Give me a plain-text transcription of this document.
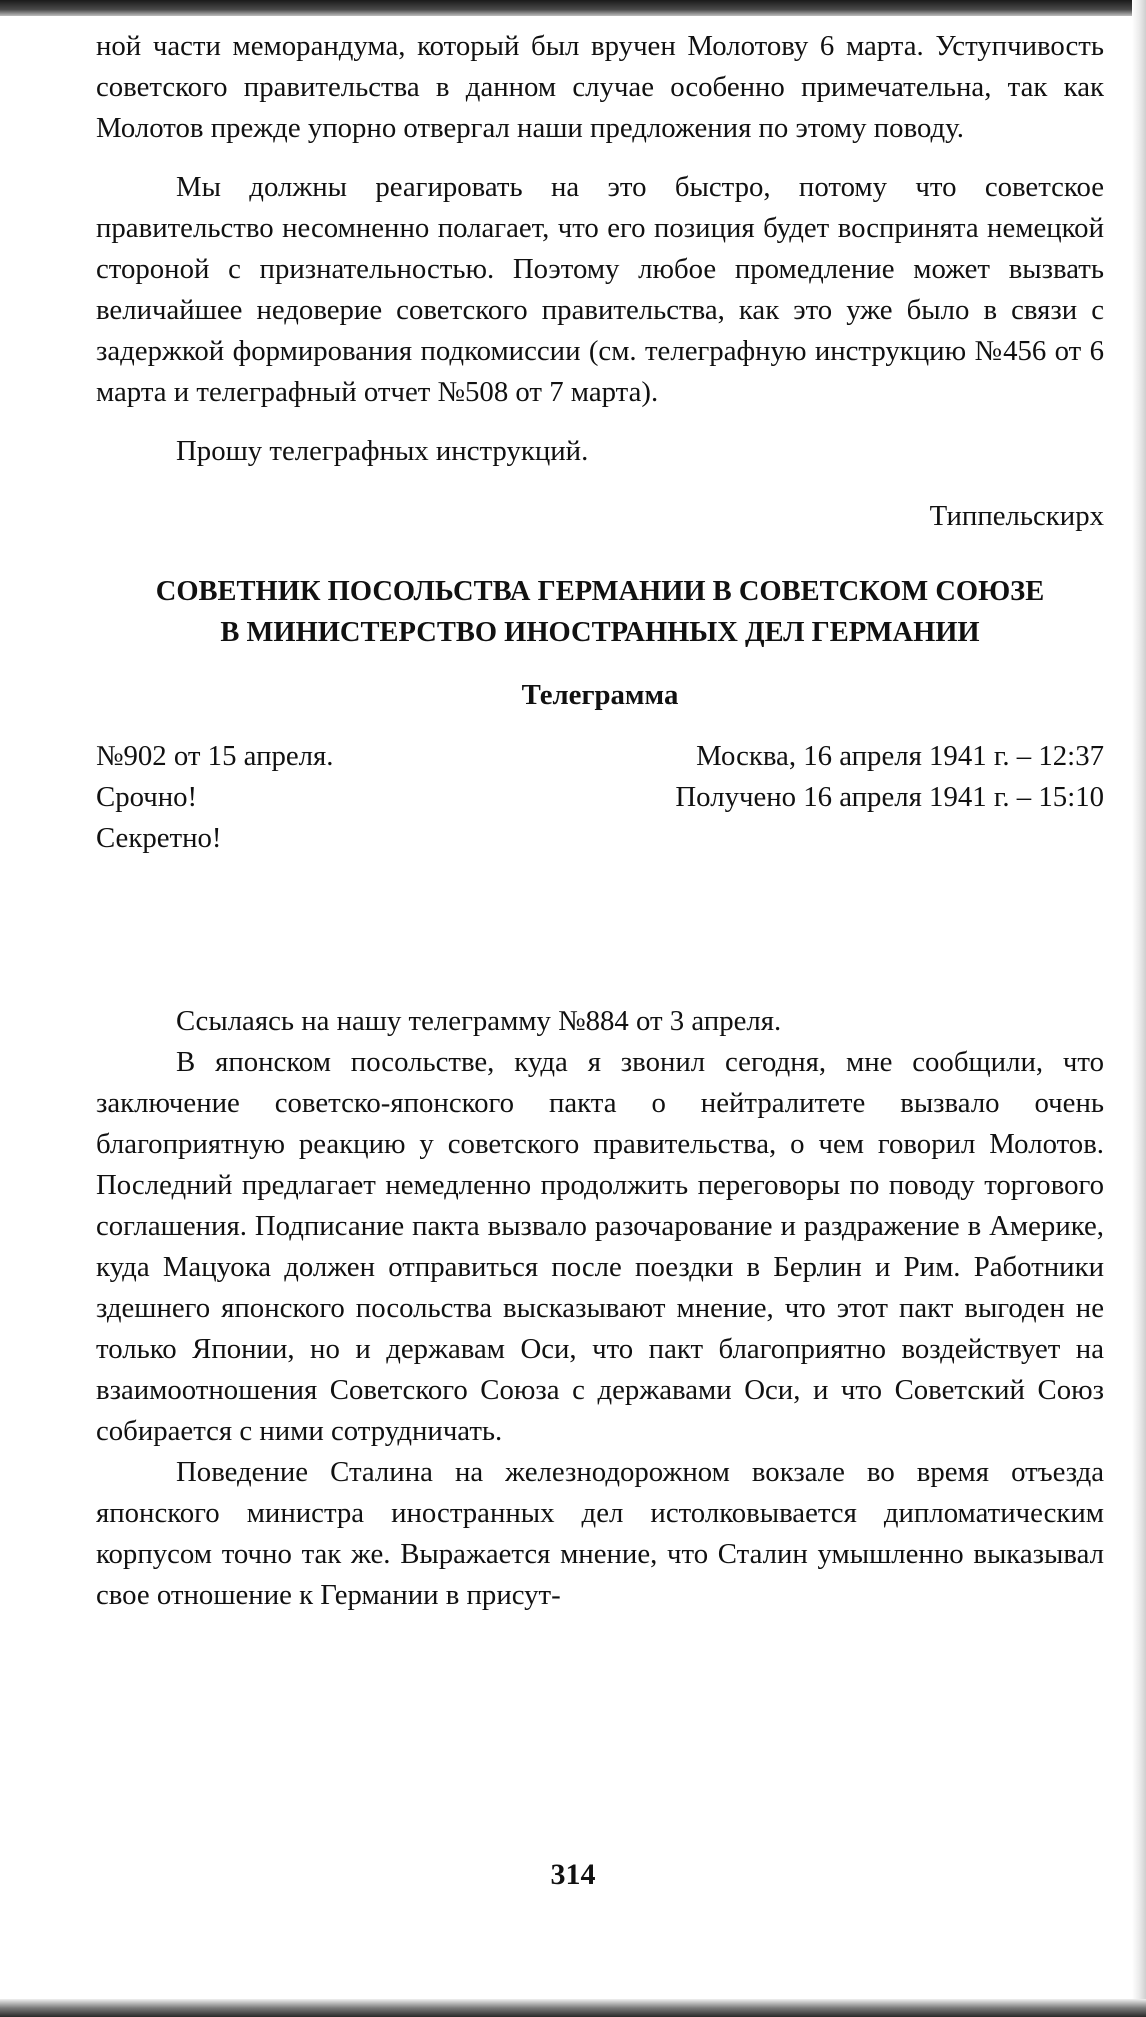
ной части меморандума, который был вручен Молотову 6 марта. Уступчивость советского правительства в данном случае особенно примечательна, так как Молотов прежде упорно отвергал наши предложения по этому поводу.

Мы должны реагировать на это быстро, потому что советское правительство несомненно полагает, что его позиция будет воспринята немецкой стороной с признательностью. Поэтому любое промедление может вызвать величайшее недоверие советского правительства, как это уже было в связи с задержкой формирования подкомиссии (см. телеграфную инструкцию №456 от 6 марта и телеграфный отчет №508 от 7 марта).

Прошу телеграфных инструкций.

Типпельскирх

СОВЕТНИК ПОСОЛЬСТВА ГЕРМАНИИ В СОВЕТСКОМ СОЮЗЕ
В МИНИСТЕРСТВО ИНОСТРАННЫХ ДЕЛ ГЕРМАНИИ
Телеграмма
№902 от 15 апреля.	Москва, 16 апреля 1941 г. – 12:37
Срочно!	Получено 16 апреля 1941 г. – 15:10
Секретно!

Ссылаясь на нашу телеграмму №884 от 3 апреля.

В японском посольстве, куда я звонил сегодня, мне сообщили, что заключение советско-японского пакта о нейтралитете вызвало очень благоприятную реакцию у советского правительства, о чем говорил Молотов. Последний предлагает немедленно продолжить переговоры по поводу торгового соглашения. Подписание пакта вызвало разочарование и раздражение в Америке, куда Мацуока должен отправиться после поездки в Берлин и Рим. Работники здешнего японского посольства высказывают мнение, что этот пакт выгоден не только Японии, но и державам Оси, что пакт благоприятно воздействует на взаимоотношения Советского Союза с державами Оси, и что Советский Союз собирается с ними сотрудничать.

Поведение Сталина на железнодорожном вокзале во время отъезда японского министра иностранных дел истолковывается дипломатическим корпусом точно так же. Выражается мнение, что Сталин умышленно выказывал свое отношение к Германии в присут-

314
